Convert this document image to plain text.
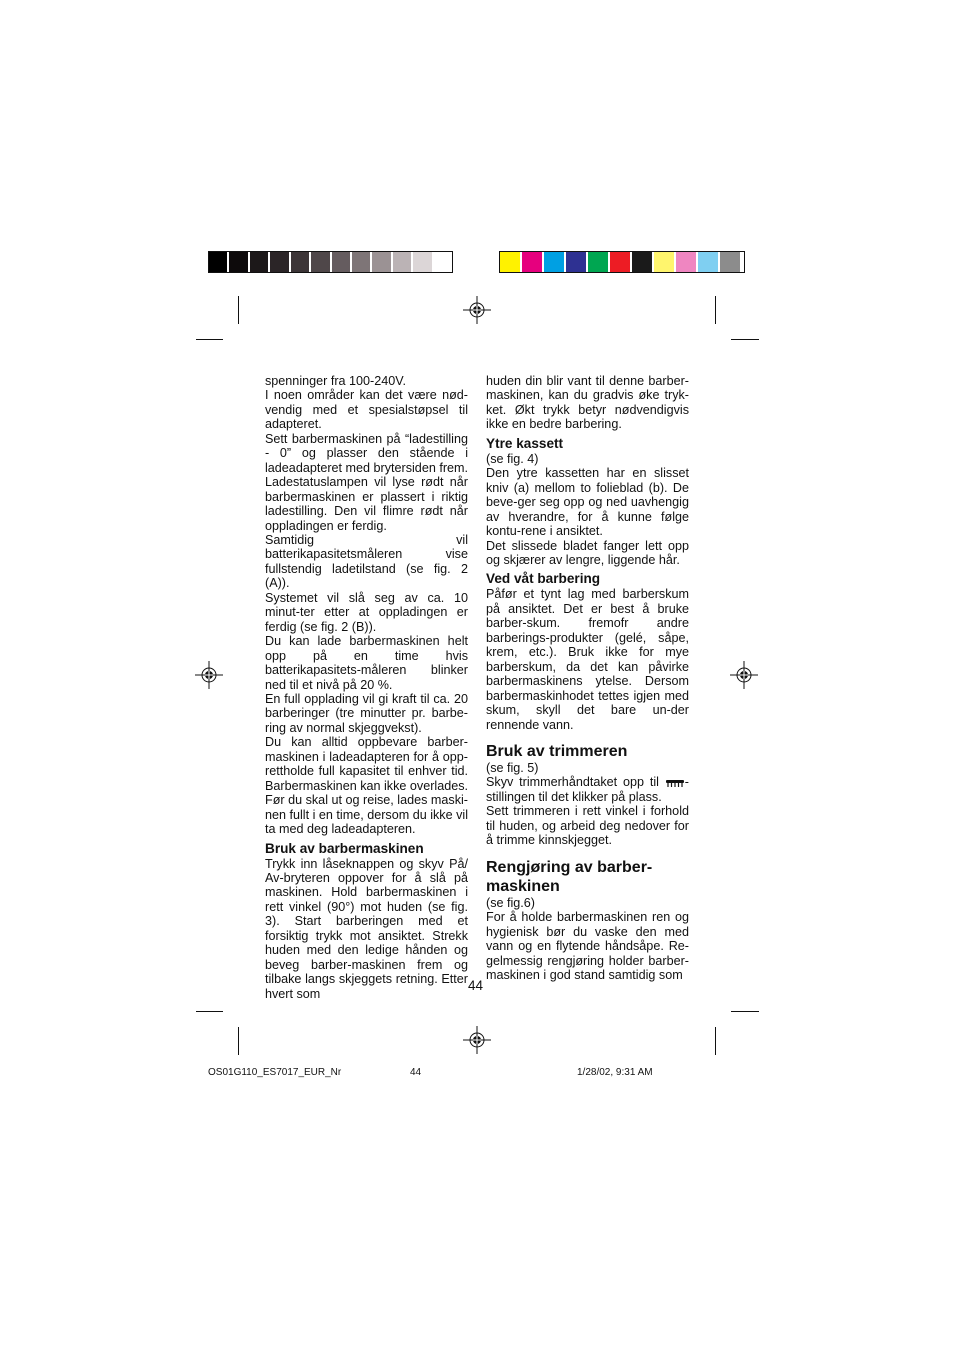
spenninger fra 100-240V.

I noen områder kan det være nød-vendig med et spesialstøpsel til adapteret.

Sett barbermaskinen på “ladestilling - 0” og plasser den stående i ladeadapteret med brytersiden frem. Ladestatuslampen vil lyse rødt når barbermaskinen er plassert i riktig ladestilling. Den vil flimre rødt når oppladingen er ferdig.

Samtidig vil batterikapasitetsmåleren vise fullstendig ladetilstand (se fig. 2 (A)).

Systemet vil slå seg av ca. 10 minut-ter etter at oppladingen er ferdig (se fig. 2 (B)).

Du kan lade barbermaskinen helt opp på en time hvis batterikapasitets-måleren blinker ned til et nivå på 20 %.

En full opplading vil gi kraft til ca. 20 barberinger (tre minutter pr. barbe-ring av normal skjeggvekst).

Du kan alltid oppbevare barber-maskinen i ladeadapteren for å opp-rettholde full kapasitet til enhver tid. Barbermaskinen kan ikke overlades. Før du skal ut og reise, lades maski-nen fullt i en time, dersom du ikke vil ta med deg ladeadapteren.

Bruk av barbermaskinen

Trykk inn låseknappen og skyv På/ Av-bryteren oppover for å slå på maskinen. Hold barbermaskinen i rett vinkel (90°) mot huden (se fig. 3). Start barberingen med et forsiktig trykk mot ansiktet. Strekk huden med den ledige hånden og beveg barber-maskinen frem og tilbake langs skjeggets retning. Etter hvert som

huden din blir vant til denne barber-maskinen, kan du gradvis øke tryk-ket. Økt trykk betyr nødvendigvis ikke en bedre barbering.

Ytre kassett

(se fig. 4)

Den ytre kassetten har en slisset kniv (a) mellom to folieblad (b). De beve-ger seg opp og ned uavhengig av hverandre, for å kunne følge kontu-rene i ansiktet.

Det slissede bladet fanger lett opp og skjærer av lengre, liggende hår.

Ved våt barbering

Påfør et tynt lag med barberskum på ansiktet. Det er best å bruke barber-skum. fremofr andre barberings-produkter (gelé, såpe, krem, etc.). Bruk ikke for mye barberskum, da det kan påvirke barbermaskinens ytelse. Dersom barbermaskinhodet tettes igjen med skum, skyll det bare un-der rennende vann.

Bruk av trimmeren

(se fig. 5)

Skyv trimmerhåndtaket opp til -stillingen til det klikker på plass.

Sett trimmeren i rett vinkel i forhold til huden, og arbeid deg nedover for å trimme kinnskjegget.

Rengjøring av barber-maskinen

(se fig.6)

For å holde barbermaskinen ren og hygienisk bør du vaske den med vann og en flytende håndsåpe. Re-gelmessig rengjøring holder barber-maskinen i god stand samtidig som

44
OS01G110_ES7017_EUR_Nr	44	1/28/02, 9:31 AM
